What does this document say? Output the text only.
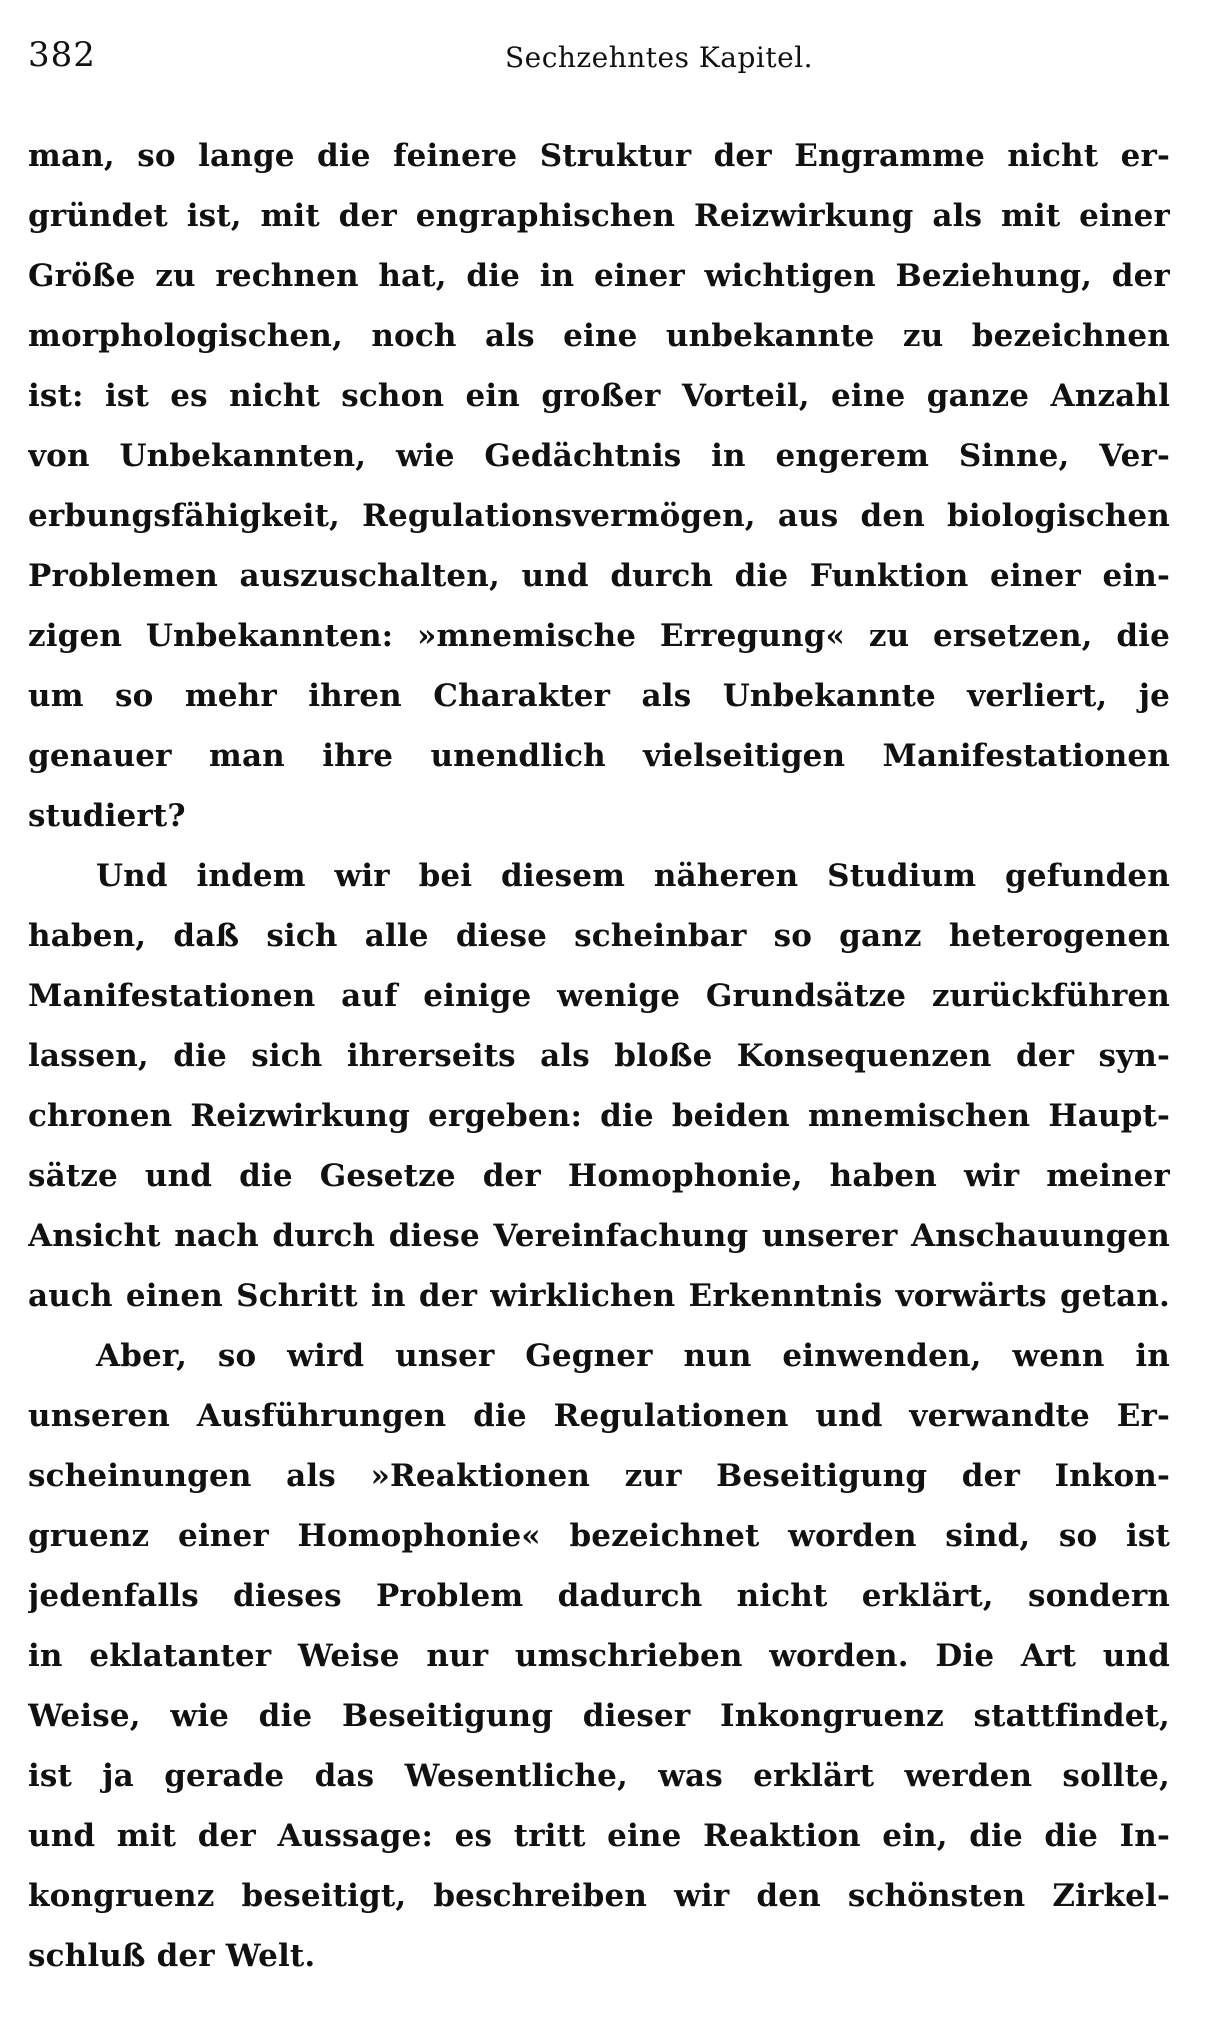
382	Sechzehntes Kapitel.
man, so lange die feinere Struktur der Engramme nicht er-
gründet ist, mit der engraphischen Reizwirkung als mit einer
Größe zu rechnen hat, die in einer wichtigen Beziehung, der
morphologischen, noch als eine unbekannte zu bezeichnen
ist: ist es nicht schon ein großer Vorteil, eine ganze Anzahl
von Unbekannten, wie Gedächtnis in engerem Sinne, Ver-
erbungsfähigkeit, Regulationsvermögen, aus den biologischen
Problemen auszuschalten, und durch die Funktion einer ein-
zigen Unbekannten: »mnemische Erregung« zu ersetzen, die
um so mehr ihren Charakter als Unbekannte verliert, je
genauer man ihre unendlich vielseitigen Manifestationen
studiert?
Und indem wir bei diesem näheren Studium gefunden
haben, daß sich alle diese scheinbar so ganz heterogenen
Manifestationen auf einige wenige Grundsätze zurückführen
lassen, die sich ihrerseits als bloße Konsequenzen der syn-
chronen Reizwirkung ergeben: die beiden mnemischen Haupt-
sätze und die Gesetze der Homophonie, haben wir meiner
Ansicht nach durch diese Vereinfachung unserer Anschauungen
auch einen Schritt in der wirklichen Erkenntnis vorwärts getan.
Aber, so wird unser Gegner nun einwenden, wenn in
unseren Ausführungen die Regulationen und verwandte Er-
scheinungen als »Reaktionen zur Beseitigung der Inkon-
gruenz einer Homophonie« bezeichnet worden sind, so ist
jedenfalls dieses Problem dadurch nicht erklärt, sondern
in eklatanter Weise nur umschrieben worden. Die Art und
Weise, wie die Beseitigung dieser Inkongruenz stattfindet,
ist ja gerade das Wesentliche, was erklärt werden sollte,
und mit der Aussage: es tritt eine Reaktion ein, die die In-
kongruenz beseitigt, beschreiben wir den schönsten Zirkel-
schluß der Welt.
